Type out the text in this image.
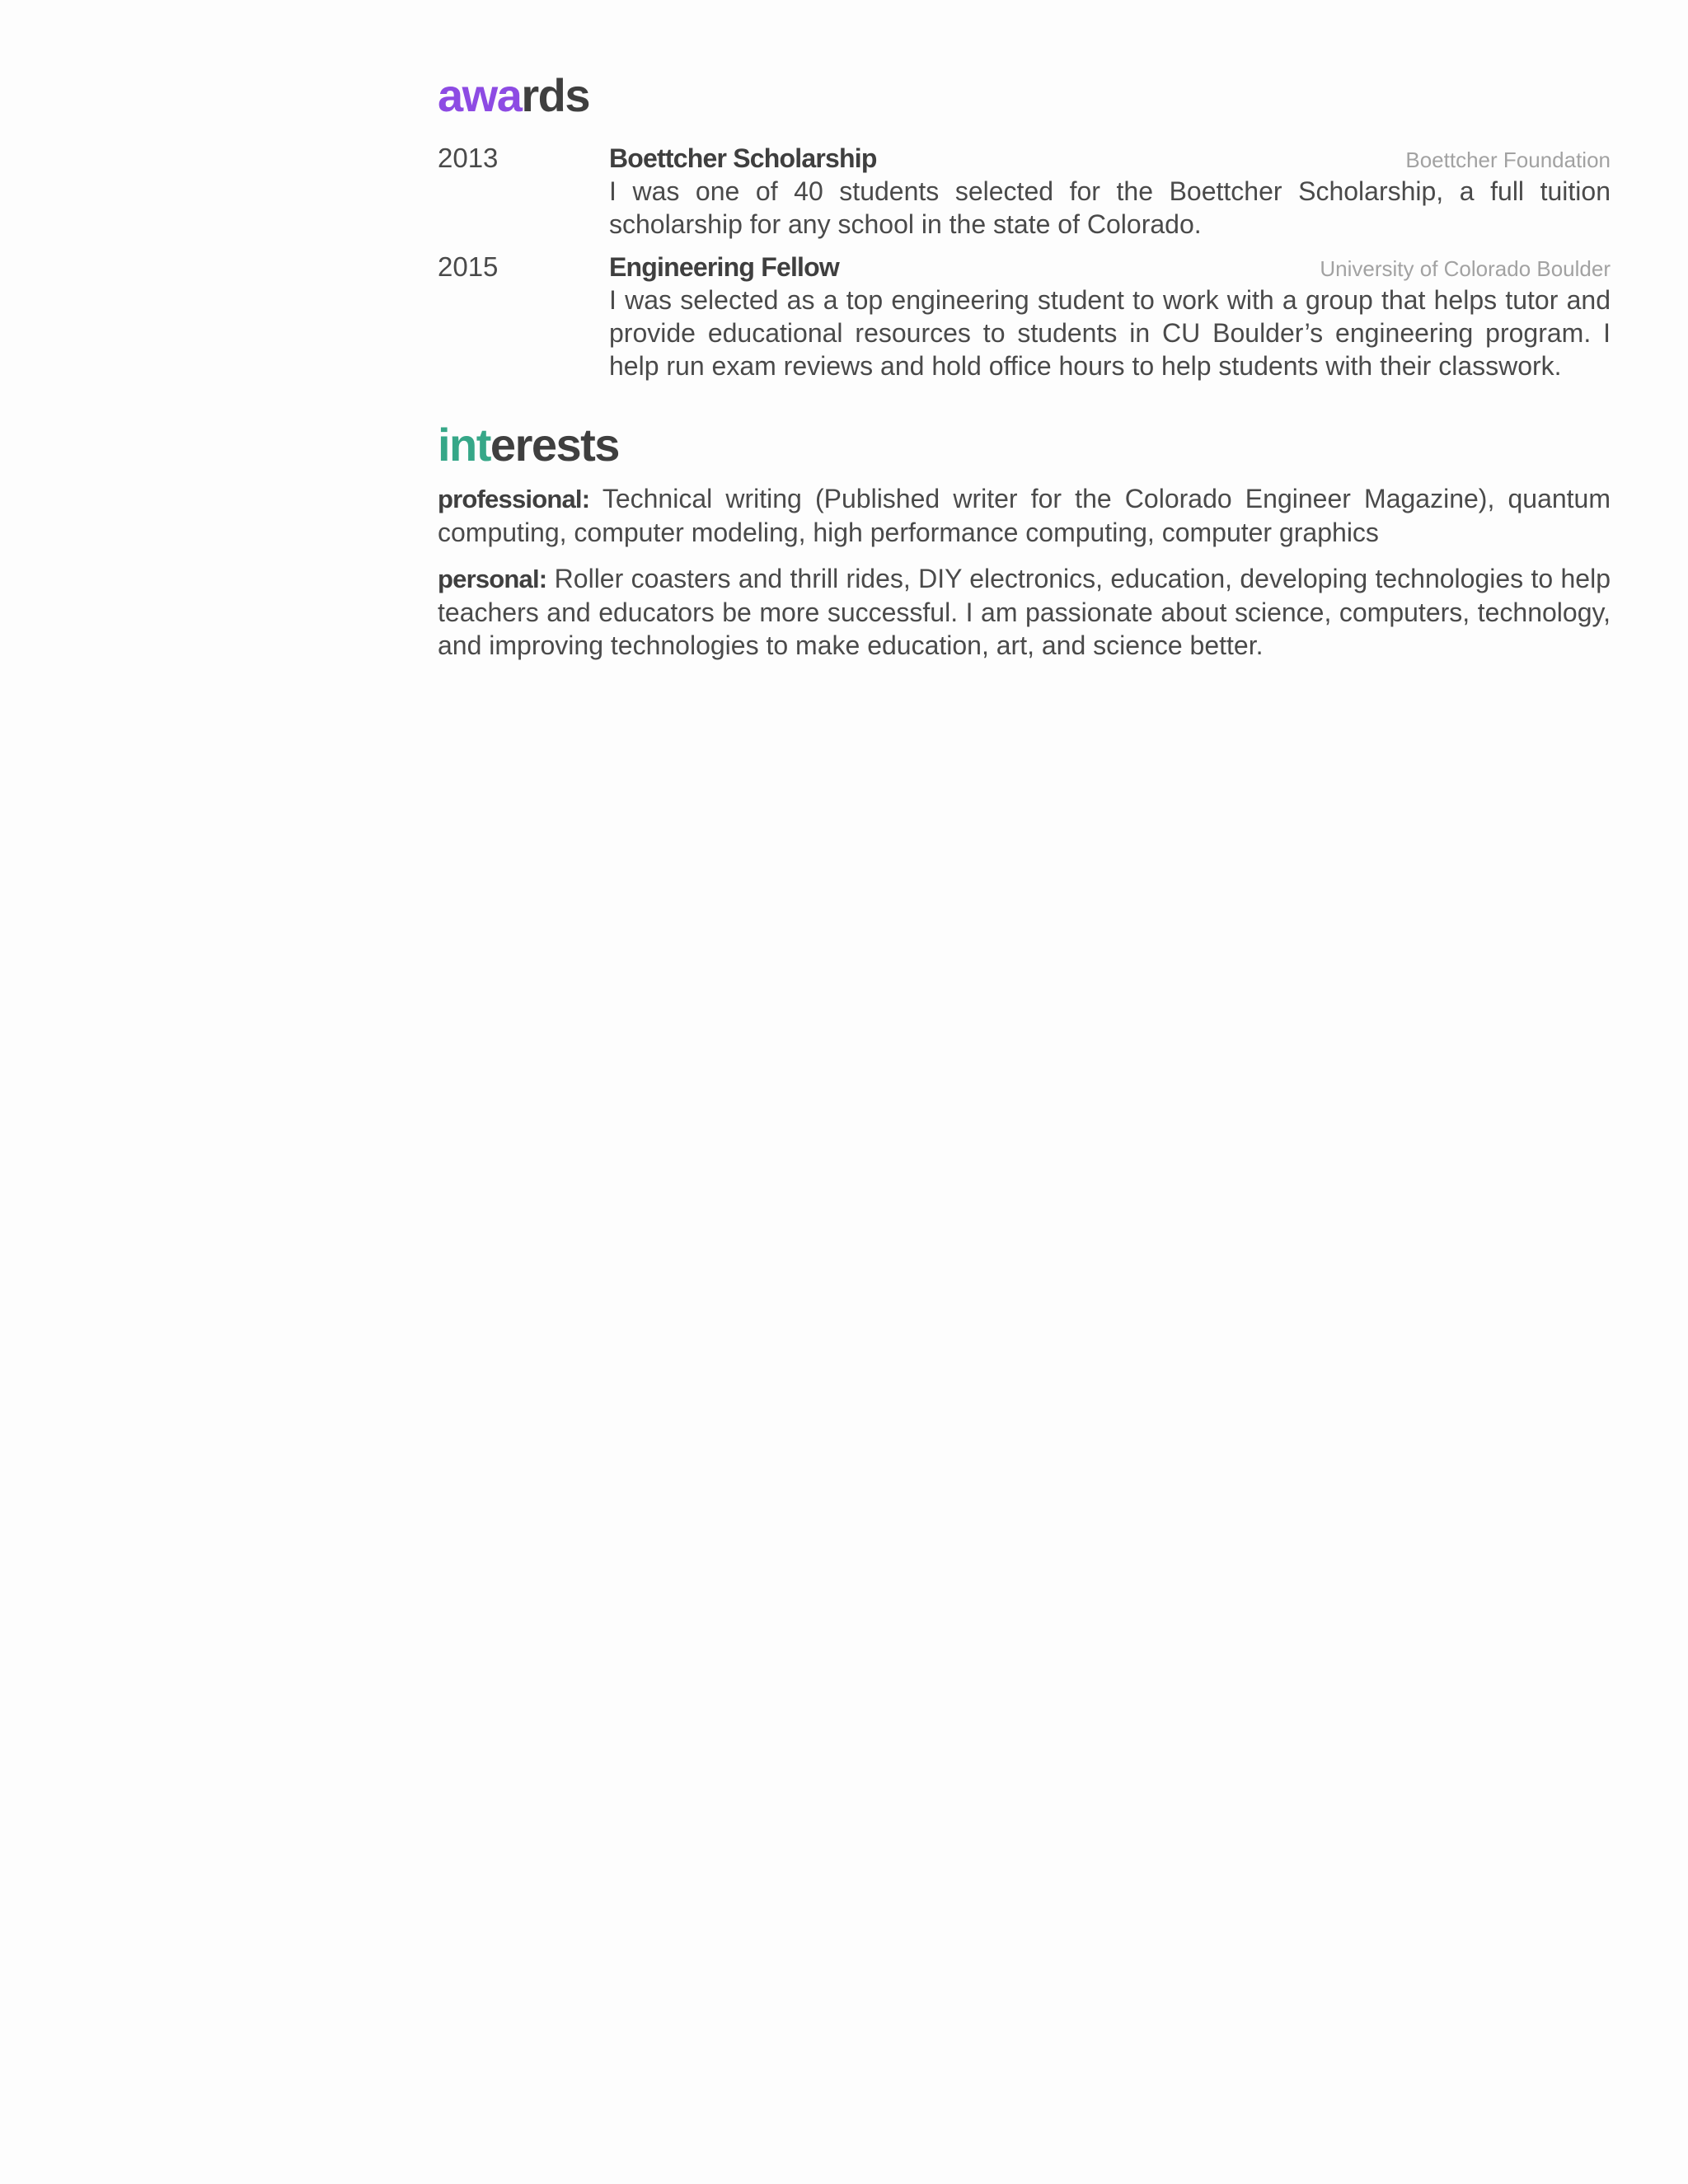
awards
2013	Boettcher Scholarship	Boettcher Foundation

I was one of 40 students selected for the Boettcher Scholarship, a full tuition scholarship for any school in the state of Colorado.

2015	Engineering Fellow	University of Colorado Boulder

I was selected as a top engineering student to work with a group that helps tutor and provide educational resources to students in CU Boulder’s engineering program. I help run exam reviews and hold office hours to help students with their classwork.

interests

professional: Technical writing (Published writer for the Colorado Engineer Magazine), quantum computing, computer modeling, high performance computing, computer graphics

personal: Roller coasters and thrill rides, DIY electronics, education, developing technologies to help teachers and educators be more successful. I am passionate about science, computers, technology, and improving technologies to make education, art, and science better.
